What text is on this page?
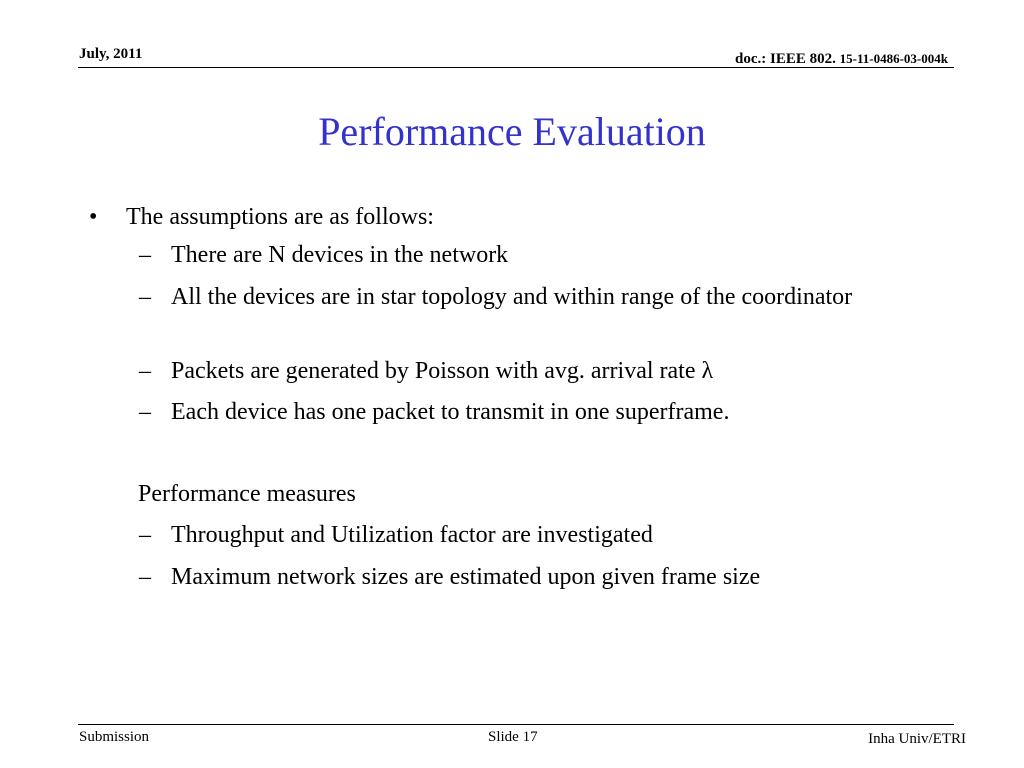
July, 2011	doc.: IEEE 802. 15-11-0486-03-004k
Performance Evaluation
• The assumptions are as follows:
– There are N devices in the network
– All the devices are in star topology and within range of the coordinator
– Packets are generated by Poisson with avg. arrival rate λ
– Each device has one packet to transmit in one superframe.
Performance measures
– Throughput and Utilization factor are investigated
– Maximum network sizes are estimated upon given frame size
Submission	Slide 17	Inha Univ/ETRI
